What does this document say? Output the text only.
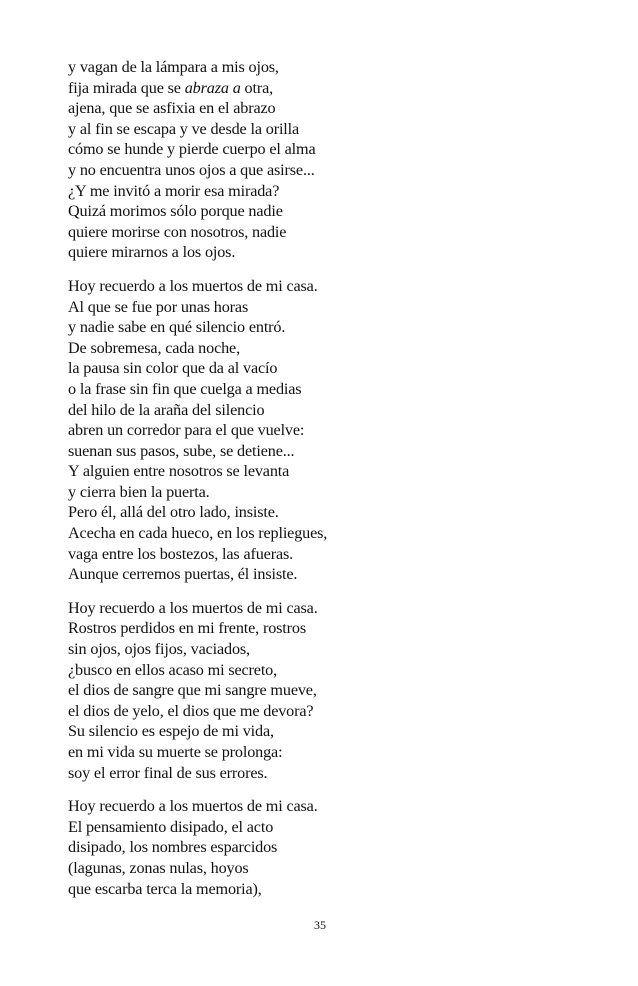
y vagan de la lámpara a mis ojos,
fija mirada que se abraza a otra,
ajena, que se asfixia en el abrazo
y al fin se escapa y ve desde la orilla
cómo se hunde y pierde cuerpo el alma
y no encuentra unos ojos a que asirse...
¿Y me invitó a morir esa mirada?
Quizá morimos sólo porque nadie
quiere morirse con nosotros, nadie
quiere mirarnos a los ojos.
Hoy recuerdo a los muertos de mi casa.
Al que se fue por unas horas
y nadie sabe en qué silencio entró.
De sobremesa, cada noche,
la pausa sin color que da al vacío
o la frase sin fin que cuelga a medias
del hilo de la araña del silencio
abren un corredor para el que vuelve:
suenan sus pasos, sube, se detiene...
Y alguien entre nosotros se levanta
y cierra bien la puerta.
Pero él, allá del otro lado, insiste.
Acecha en cada hueco, en los repliegues,
vaga entre los bostezos, las afueras.
Aunque cerremos puertas, él insiste.
Hoy recuerdo a los muertos de mi casa.
Rostros perdidos en mi frente, rostros
sin ojos, ojos fijos, vaciados,
¿busco en ellos acaso mi secreto,
el dios de sangre que mi sangre mueve,
el dios de yelo, el dios que me devora?
Su silencio es espejo de mi vida,
en mi vida su muerte se prolonga:
soy el error final de sus errores.
Hoy recuerdo a los muertos de mi casa.
El pensamiento disipado, el acto
disipado, los nombres esparcidos
(lagunas, zonas nulas, hoyos
que escarba terca la memoria),
35
